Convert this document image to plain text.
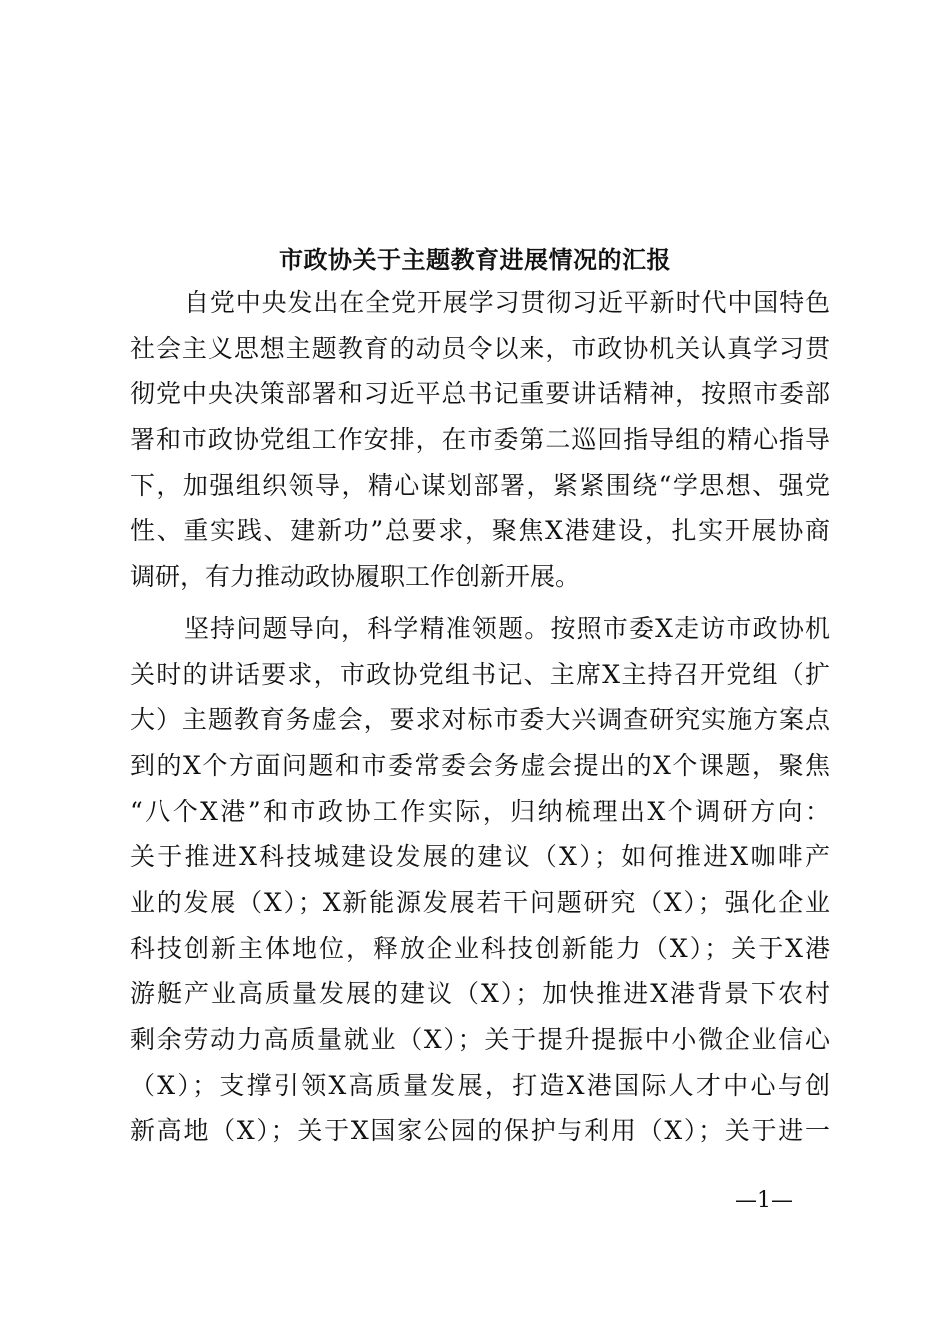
市政协关于主题教育进展情况的汇报
自党中央发出在全党开展学习贯彻习近平新时代中国特色
社会主义思想主题教育的动员令以来，市政协机关认真学习贯
彻党中央决策部署和习近平总书记重要讲话精神，按照市委部
署和市政协党组工作安排，在市委第二巡回指导组的精心指导
下，加强组织领导，精心谋划部署，紧紧围绕“学思想、强党
性、重实践、建新功”总要求，聚焦X港建设，扎实开展协商
调研，有力推动政协履职工作创新开展。
坚持问题导向，科学精准领题。按照市委X走访市政协机
关时的讲话要求，市政协党组书记、主席X主持召开党组（扩
大）主题教育务虚会，要求对标市委大兴调查研究实施方案点
到的X个方面问题和市委常委会务虚会提出的X个课题，聚焦
“八个X港”和市政协工作实际，归纳梳理出X个调研方向：
关于推进X科技城建设发展的建议（X）；如何推进X咖啡产
业的发展（X）；X新能源发展若干问题研究（X）；强化企业
科技创新主体地位，释放企业科技创新能力（X）；关于X港
游艇产业高质量发展的建议（X）；加快推进X港背景下农村
剩余劳动力高质量就业（X）；关于提升提振中小微企业信心
（X）；支撑引领X高质量发展，打造X港国际人才中心与创
新高地（X）；关于X国家公园的保护与利用（X）；关于进一
—1—
